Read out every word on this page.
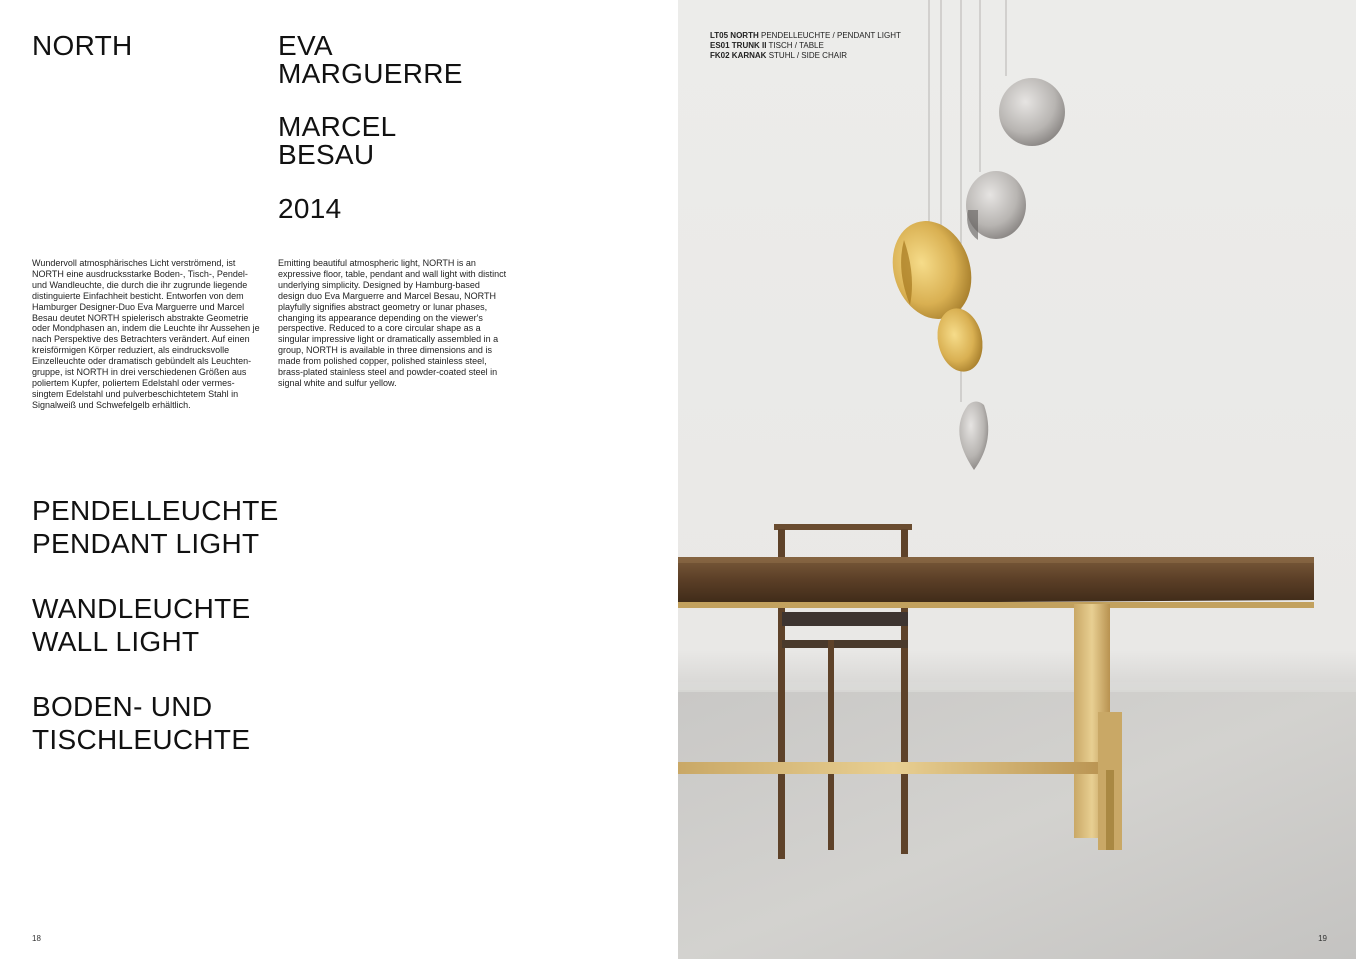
NORTH	EVA
MARGUERRE
MARCEL
BESAU
2014

Wundervoll atmosphärisches Licht verströmend, ist NORTH eine ausdrucksstarke Boden-, Tisch-, Pendel- und Wandleuchte, die durch die ihr zugrunde liegende distinguierte Einfachheit besticht. Entworfen von dem Hamburger Designer-Duo Eva Marguerre und Marcel Besau deutet NORTH spielerisch abstrakte Geometrie oder Mondphasen an, indem die Leuchte ihr Aussehen je nach Perspektive des Betrachters verändert. Auf einen kreisförmigen Körper reduziert, als eindrucksvolle Einzelleuchte oder dramatisch gebündelt als Leuchten-gruppe, ist NORTH in drei verschiedenen Größen aus poliertem Kupfer, poliertem Edelstahl oder vermes-singtem Edelstahl und pulverbeschichtetem Stahl in Signalweiß und Schwefelgelb erhältlich.

Emitting beautiful atmospheric light, NORTH is an expressive floor, table, pendant and wall light with distinct underlying simplicity. Designed by Hamburg-based design duo Eva Marguerre and Marcel Besau, NORTH playfully signifies abstract geometry or lunar phases, changing its appearance depending on the viewer's perspective. Reduced to a core circular shape as a singular impressive light or dramatically assembled in a group, NORTH is available in three dimensions and is made from polished copper, polished stainless steel, brass-plated stainless steel and powder-coated steel in signal white and sulfur yellow.

PENDELLEUCHTE
PENDANT LIGHT
WANDLEUCHTE
WALL LIGHT
BODEN- UND
TISCHLEUCHTE
18
LT05 NORTH PENDELLEUCHTE / PENDANT LIGHT
ES01 TRUNK II TISCH / TABLE
FK02 KARNAK STUHL / SIDE CHAIR
19
